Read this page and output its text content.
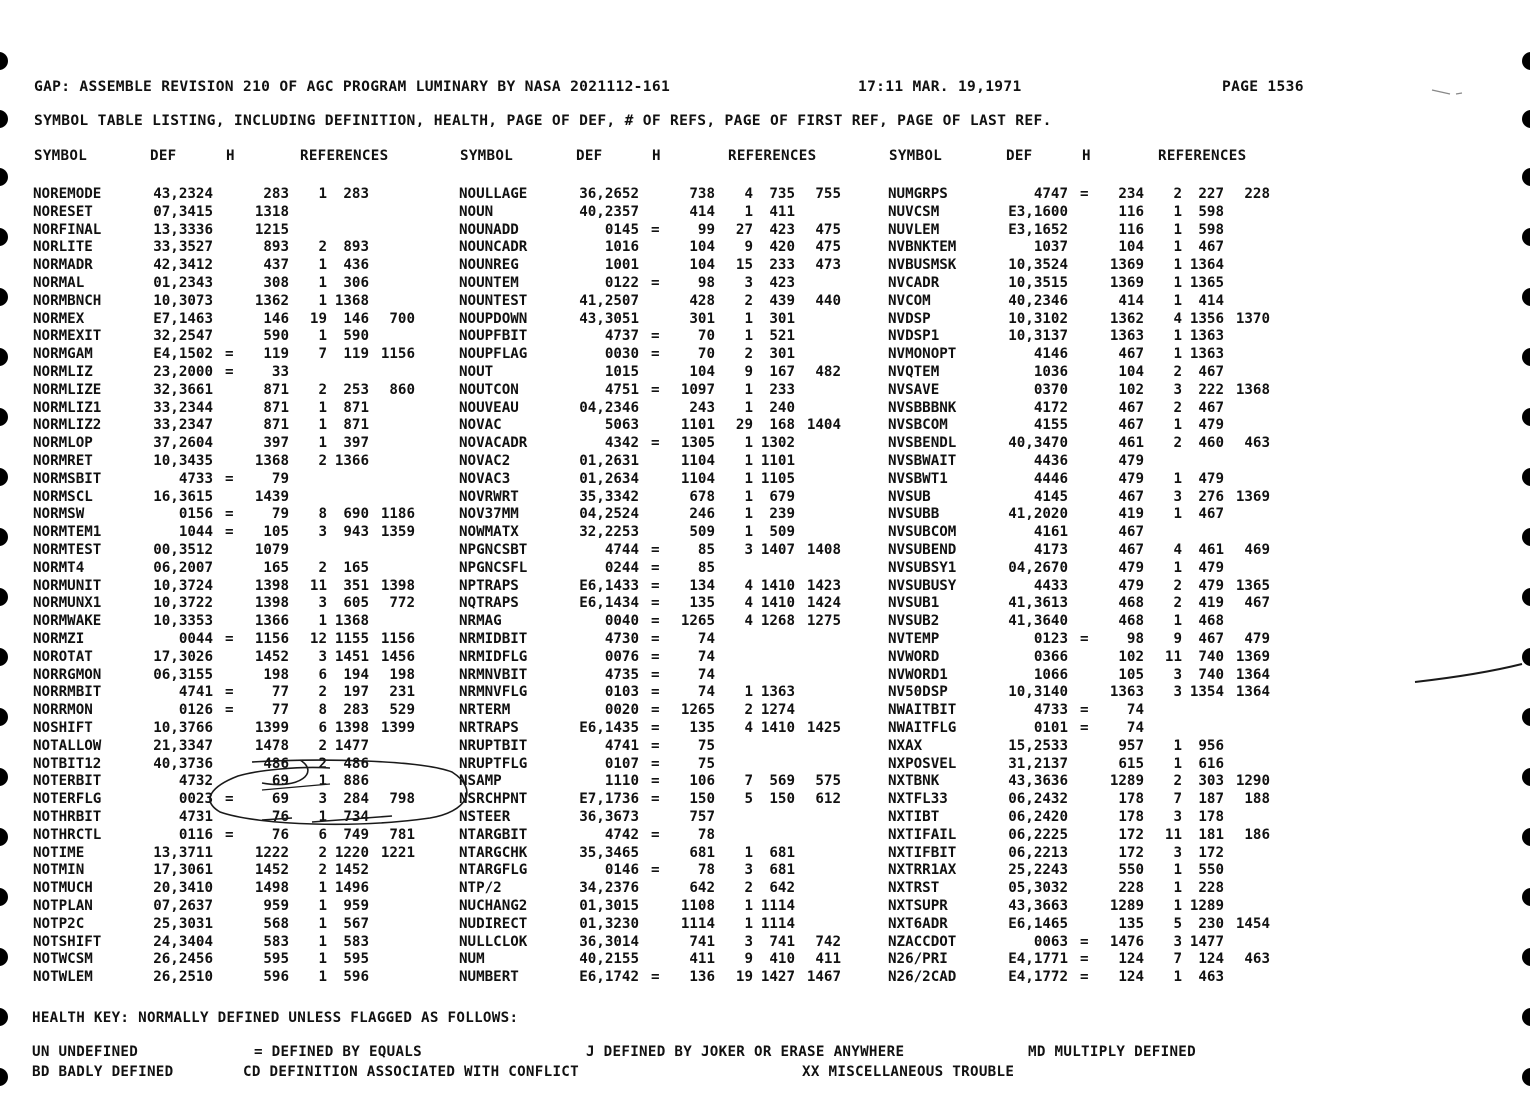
GAP: ASSEMBLE REVISION 210 OF AGC PROGRAM LUMINARY BY NASA 2021112-161	17:11 MAR. 19,1971	PAGE 1536
SYMBOL TABLE LISTING, INCLUDING DEFINITION, HEALTH, PAGE OF DEF, # OF REFS, PAGE OF FIRST REF, PAGE OF LAST REF.
SYMBOL	DEF	H	REFERENCES	SYMBOL	DEF	H	REFERENCES	SYMBOL	DEF	H	REFERENCES
NOREMODE	43,2324	283	1	283	NOULLAGE	36,2652	738	4	735	755	NUMGRPS	4747 =	234	2	227	228
NORESET	07,3415	1318	NOUN	40,2357	414	1	411	NUVCSM	E3,1600	116	1	598
NORFINAL	13,3336	1215	NOUNADD	0145 =	99	27	423	475	NUVLEM	E3,1652	116	1	598
NORLITE	33,3527	893	2	893	NOUNCADR	1016	104	9	420	475	NVBNKTEM	1037	104	1	467
NORMADR	42,3412	437	1	436	NOUNREG	1001	104	15	233	473	NVBUSMSK	10,3524	1369	1 1364
NORMAL	01,2343	308	1	306	NOUNTEM	0122 =	98	3	423	NVCADR	10,3515	1369	1 1365
NORMBNCH	10,3073	1362	1 1368	NOUNTEST	41,2507	428	2	439	440	NVCOM	40,2346	414	1	414
NORMEX	E7,1463	146	19	146	700	NOUPDOWN	43,3051	301	1	301	NVDSP	10,3102	1362	4 1356 1370
NORMEXIT	32,2547	590	1	590	NOUPFBIT	4737 =	70	1	521	NVDSP1	10,3137	1363	1 1363
NORMGAM	E4,1502 =	119	7	119 1156	NOUPFLAG	0030 =	70	2	301	NVMONOPT	4146	467	1 1363
NORMLIZ	23,2000 =	33	NOUT	1015	104	9	167	482	NVQTEM	1036	104	2	467
NORMLIZE	32,3661	871	2	253	860	NOUTCON	4751 =	1097	1	233	NVSAVE	0370	102	3	222 1368
NORMLIZ1	33,2344	871	1	871	NOUVEAU	04,2346	243	1	240	NVSBBBNK	4172	467	2	467
NORMLIZ2	33,2347	871	1	871	NOVAC	5063	1101	29	168 1404	NVSBCOM	4155	467	1	479
NORMLOP	37,2604	397	1	397	NOVACADR	4342 =	1305	1 1302	NVSBENDL	40,3470	461	2	460	463
NORMRET	10,3435	1368	2 1366	NOVAC2	01,2631	1104	1 1101	NVSBWAIT	4436	479
NORMSBIT	4733 =	79	NOVAC3	01,2634	1104	1 1105	NVSBWT1	4446	479	1	479
NORMSCL	16,3615	1439	NOVRWRT	35,3342	678	1	679	NVSUB	4145	467	3	276 1369
NORMSW	0156 =	79	8	690 1186	NOV37MM	04,2524	246	1	239	NVSUBB	41,2020	419	1	467
NORMTEM1	1044 =	105	3	943 1359	NOWMATX	32,2253	509	1	509	NVSUBCOM	4161	467
NORMTEST	00,3512	1079	NPGNCSBT	4744 =	85	3 1407 1408	NVSUBEND	4173	467	4	461	469
NORMT4	06,2007	165	2	165	NPGNCSFL	0244 =	85	NVSUBSY1	04,2670	479	1	479
NORMUNIT	10,3724	1398	11	351 1398	NPTRAPS	E6,1433 =	134	4 1410 1423	NVSUBUSY	4433	479	2	479 1365
NORMUNX1	10,3722	1398	3	605	772	NQTRAPS	E6,1434 =	135	4 1410 1424	NVSUB1	41,3613	468	2	419	467
NORMWAKE	10,3353	1366	1 1368	NRMAG	0040 =	1265	4 1268 1275	NVSUB2	41,3640	468	1	468
NORMZI	0044 =	1156	12 1155 1156	NRMIDBIT	4730 =	74	NVTEMP	0123 =	98	9	467	479
NOROTAT	17,3026	1452	3 1451 1456	NRMIDFLG	0076 =	74	NVWORD	0366	102	11	740 1369
NORRGMON	06,3155	198	6	194	198	NRMNVBIT	4735 =	74	NVWORD1	1066	105	3	740 1364
NORRMBIT	4741 =	77	2	197	231	NRMNVFLG	0103 =	74	1 1363	NV50DSP	10,3140	1363	3 1354 1364
NORRMON	0126 =	77	8	283	529	NRTERM	0020 =	1265	2 1274	NWAITBIT	4733 =	74
NOSHIFT	10,3766	1399	6 1398 1399	NRTRAPS	E6,1435 =	135	4 1410 1425	NWAITFLG	0101 =	74
NOTALLOW	21,3347	1478	2 1477	NRUPTBIT	4741 =	75	NXAX	15,2533	957	1	956
NOTBIT12	40,3736	486	2	486	NRUPTFLG	0107 =	75	NXPOSVEL	31,2137	615	1	616
NOTERBIT	4732	69	1	886	NSAMP	1110 =	106	7	569	575	NXTBNK	43,3636	1289	2	303 1290
NOTERFLG	0023 =	69	3	284	798	NSRCHPNT	E7,1736 =	150	5	150	612	NXTFL33	06,2432	178	7	187	188
NOTHRBIT	4731	76	1	734	NSTEER	36,3673	757	NXTIBT	06,2420	178	3	178
NOTHRCTL	0116 =	76	6	749	781	NTARGBIT	4742 =	78	NXTIFAIL	06,2225	172	11	181	186
NOTIME	13,3711	1222	2 1220 1221	NTARGCHK	35,3465	681	1	681	NXTIFBIT	06,2213	172	3	172
NOTMIN	17,3061	1452	2 1452	NTARGFLG	0146 =	78	3	681	NXTRR1AX	25,2243	550	1	550
NOTMUCH	20,3410	1498	1 1496	NTP/2	34,2376	642	2	642	NXTRST	05,3032	228	1	228
NOTPLAN	07,2637	959	1	959	NUCHANG2	01,3015	1108	1 1114	NXTSUPR	43,3663	1289	1 1289
NOTP2C	25,3031	568	1	567	NUDIRECT	01,3230	1114	1 1114	NXT6ADR	E6,1465	135	5	230 1454
NOTSHIFT	24,3404	583	1	583	NULLCLOK	36,3014	741	3	741	742	NZACCDOT	0063 =	1476	3 1477
NOTWCSM	26,2456	595	1	595	NUM	40,2155	411	9	410	411	N26/PRI	E4,1771 =	124	7	124	463
NOTWLEM	26,2510	596	1	596	NUMBERT	E6,1742 =	136	19 1427 1467	N26/2CAD	E4,1772 =	124	1	463
HEALTH KEY: NORMALLY DEFINED UNLESS FLAGGED AS FOLLOWS:
UN UNDEFINED	= DEFINED BY EQUALS	J DEFINED BY JOKER OR ERASE ANYWHERE	MD MULTIPLY DEFINED
BD BADLY DEFINED	CD DEFINITION ASSOCIATED WITH CONFLICT	XX MISCELLANEOUS TROUBLE
